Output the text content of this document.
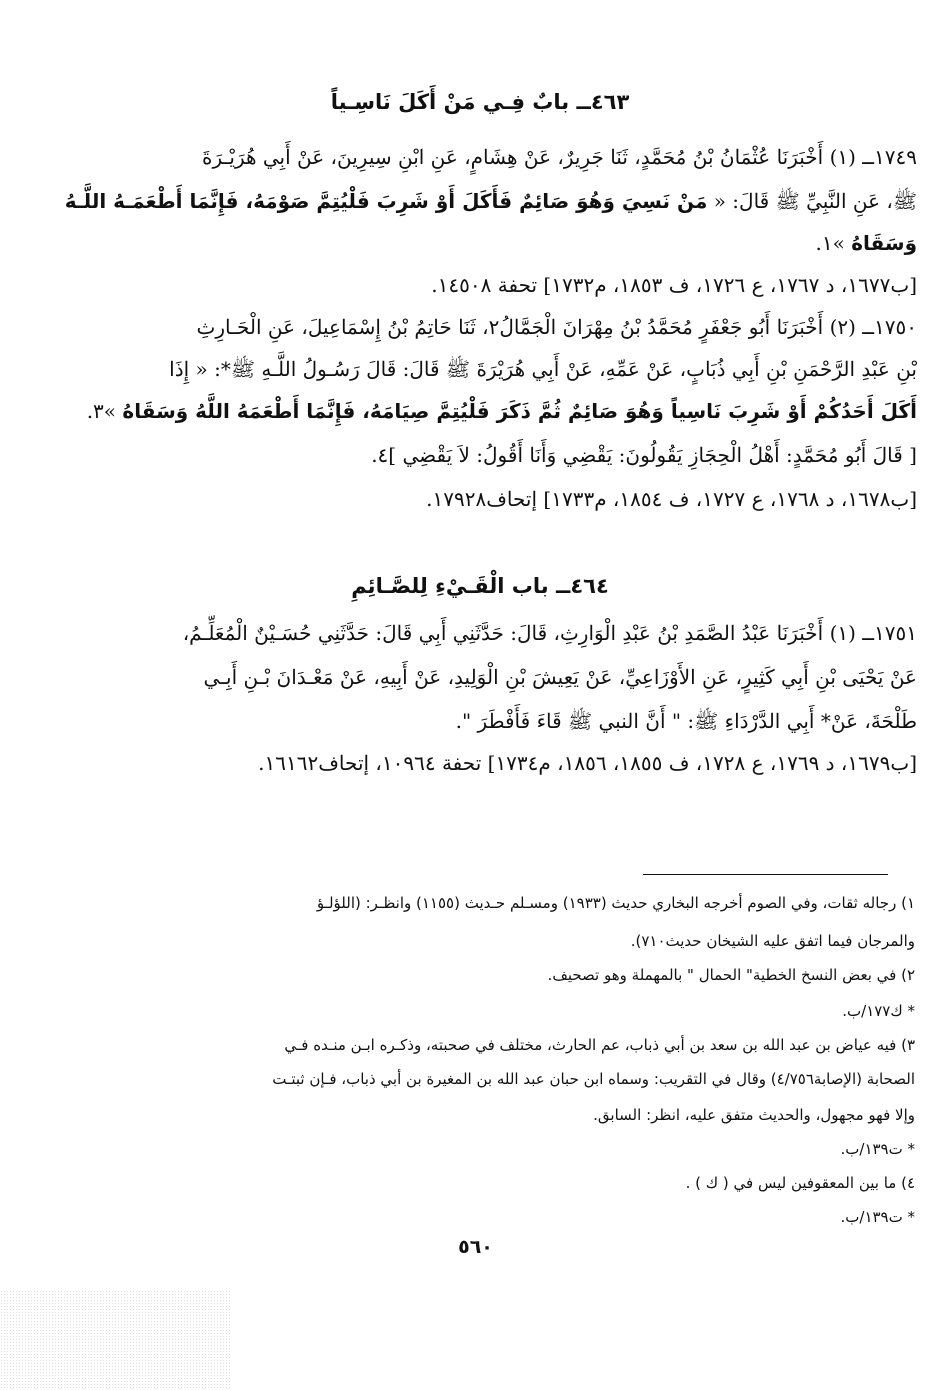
٤٦٣ــ بابٌ فِـي مَنْ أَكَلَ نَاسِـياً
١٧٤٩ــ (١) أَخْبَرَنَا عُثْمَانُ بْنُ مُحَمَّدٍ، ثَنَا جَرِيرٌ، عَنْ هِشَامٍ، عَنِ ابْنِ سِيرِينَ، عَنْ أَبِي هُرَيْـرَةَ
ﷺ، عَنِ النَّبِيِّ ﷺ قَالَ: « مَنْ نَسِيَ وَهُوَ صَائِمٌ فَأَكَلَ أَوْ شَرِبَ فَلْيُتِمَّ صَوْمَهُ، فَإِنَّمَا أَطْعَمَـهُ اللَّـهُ
وَسَقَاهُ »١.
[ب١٦٧٧، د ١٧٦٧، ع ١٧٢٦، ف ١٨٥٣، م١٧٣٢] تحفة ١٤٥٠٨.
١٧٥٠ــ (٢) أَخْبَرَنَا أَبُو جَعْفَرٍ مُحَمَّدُ بْنُ مِهْرَانَ الْجَمَّالُ٢، ثَنَا حَاتِمُ بْنُ إِسْمَاعِيلَ، عَنِ الْحَـارِثِ
بْنِ عَبْدِ الرَّحْمَنِ بْنِ أَبِي ذُبَابٍ، عَنْ عَمِّهِ، عَنْ أَبِي هُرَيْرَةَ ﷺ قَالَ: قَالَ رَسُـولُ اللَّـهِ ﷺ*: « إِذَا
أَكَلَ أَحَدُكُمْ أَوْ شَرِبَ نَاسِياً وَهُوَ صَائِمٌ ثُمَّ ذَكَرَ فَلْيُتِمَّ صِيَامَهُ، فَإِنَّمَا أَطْعَمَهُ اللَّهُ وَسَقَاهُ »٣.
[ قَالَ أَبُو مُحَمَّدٍ: أَهْلُ الْحِجَازِ يَقُولُونَ: يَقْضِي وَأَنَا أَقُولُ: لاَ يَقْضِي ]٤.
[ب١٦٧٨، د ١٧٦٨، ع ١٧٢٧، ف ١٨٥٤، م١٧٣٣] إتحاف١٧٩٢٨.
٤٦٤ــ باب الْقَـيْءِ لِلصَّـائِمِ
١٧٥١ــ (١) أَخْبَرَنَا عَبْدُ الصَّمَدِ بْنُ عَبْدِ الْوَارِثِ، قَالَ: حَدَّثَنِي أَبِي قَالَ: حَدَّثَنِي حُسَـيْنٌ الْمُعَلِّـمُ،
عَنْ يَحْيَى بْنِ أَبِي كَثِيرٍ، عَنِ الأَوْزَاعِيِّ، عَنْ يَعِيشَ بْنِ الْوَلِيدِ، عَنْ أَبِيهِ، عَنْ مَعْـدَانَ بْـنِ أَبِـي
طَلْحَةَ، عَنْ* أَبِي الدَّرْدَاءِ ﷺ: " أَنَّ النبي ﷺ قَاءَ فَأَفْطَرَ ".
[ب١٦٧٩، د ١٧٦٩، ع ١٧٢٨، ف ١٨٥٥، ١٨٥٦، م١٧٣٤] تحفة ١٠٩٦٤، إتحاف١٦١٦٢.
١) رجاله ثقات، وفي الصوم أخرجه البخاري حديث (١٩٣٣) ومسـلم حـديث (١١٥٥) وانظـر: (اللؤلـؤ
والمرجان فيما اتفق عليه الشيخان حديث٧١٠).
٢) في بعض النسخ الخطية" الحمال " بالمهملة وهو تصحيف.
* ك١٧٧/ب.
٣) فيه عياض بن عبد الله بن سعد بن أبي ذباب، عم الحارث، مختلف في صحبته، وذكـره ابـن منـده فـي
الصحابة (الإصابة٤/٧٥٦) وقال في التقريب: وسماه ابن حبان عبد الله بن المغيرة بن أبي ذباب، فـإن ثبتـت
وإلا فهو مجهول، والحديث متفق عليه، انظر: السابق.
* ت١٣٩/ب.
٤) ما بين المعقوفين ليس في ( ك ) .
* ت١٣٩/ب.
٥٦٠
